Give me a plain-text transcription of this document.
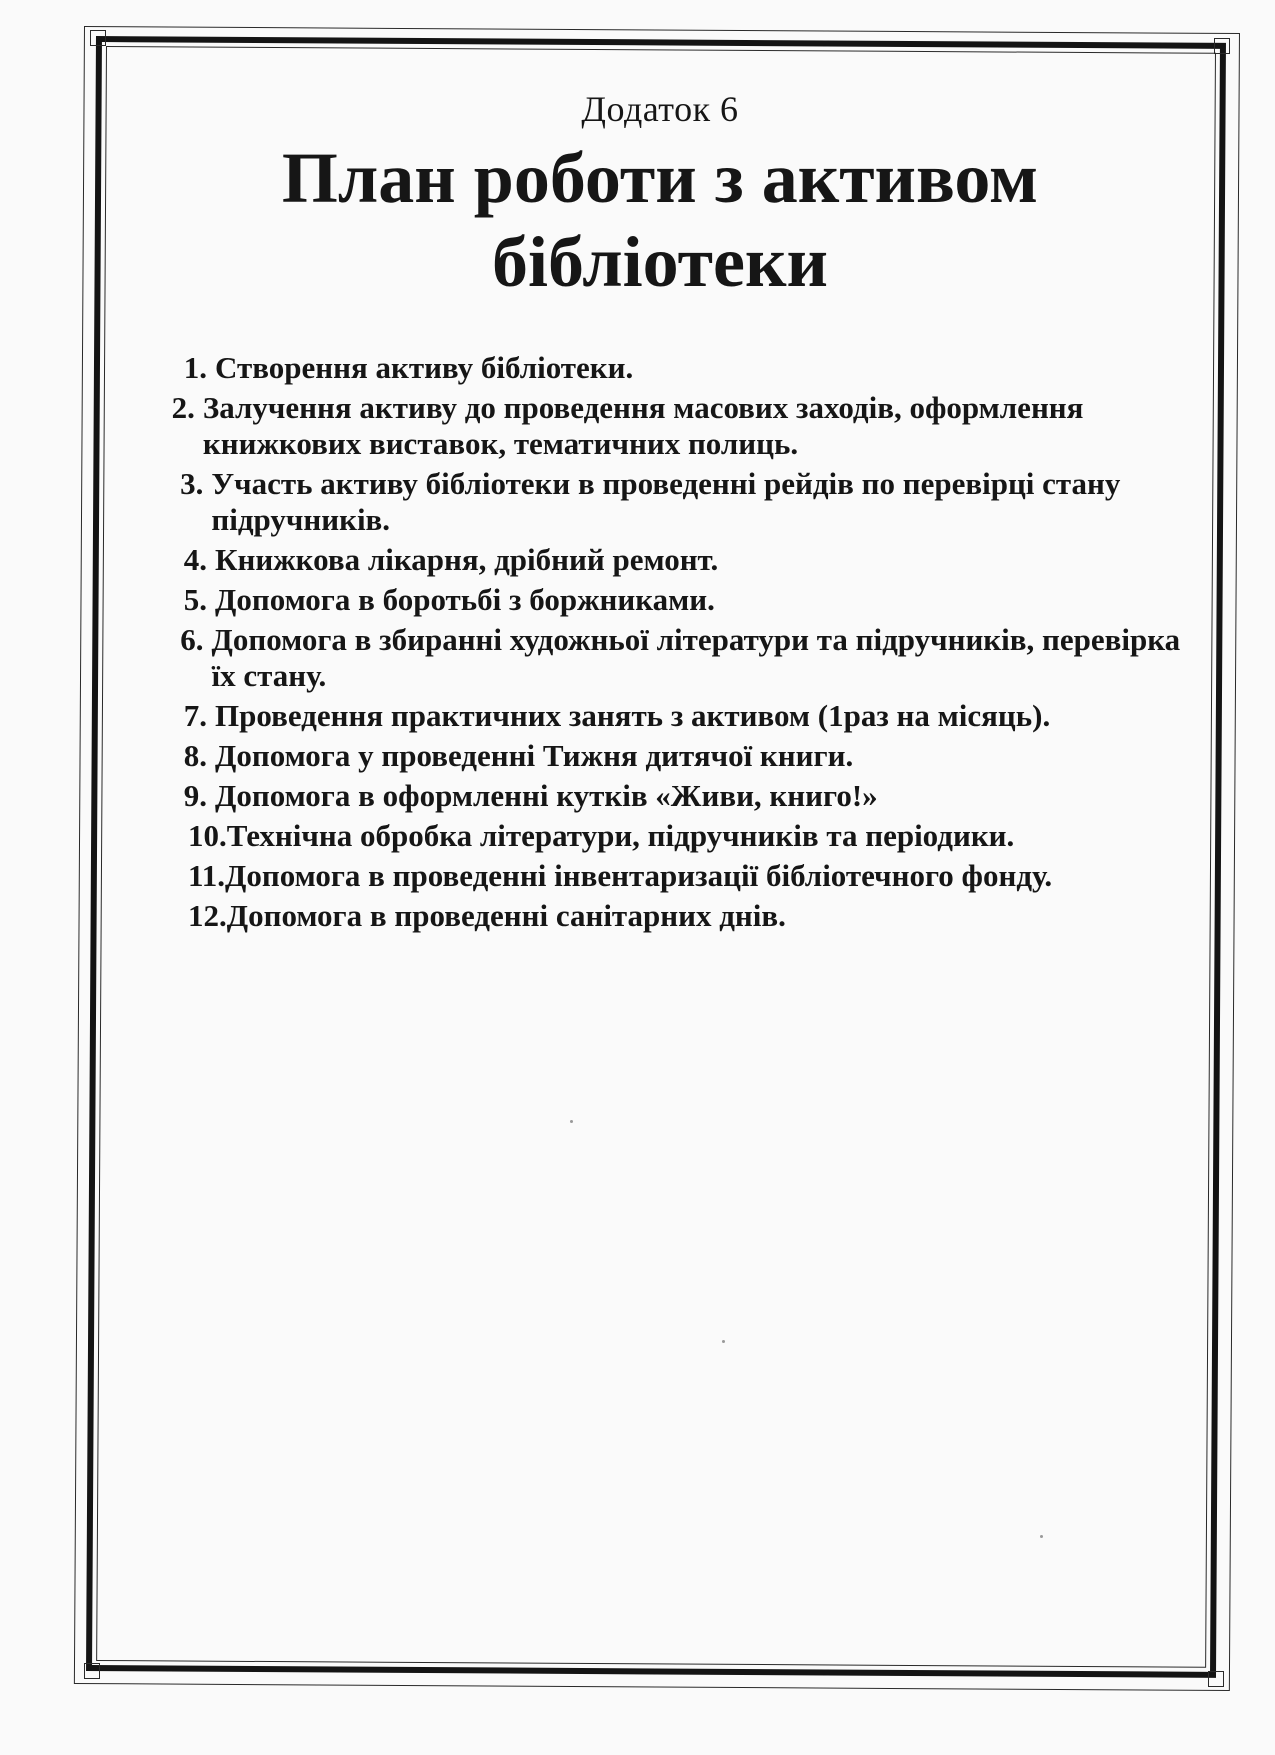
Додаток 6
План роботи з активом
бібліотеки
1. Створення активу бібліотеки.
2. Залучення активу до проведення масових заходів, оформлення книжкових виставок, тематичних полиць.
3. Участь активу бібліотеки в проведенні рейдів по перевірці стану підручників.
4. Книжкова лікарня, дрібний ремонт.
5. Допомога в боротьбі з боржниками.
6. Допомога в збиранні художньої літератури та підручників, перевірка їх стану.
7. Проведення практичних занять з активом (1раз на місяць).
8. Допомога у проведенні Тижня дитячої книги.
9. Допомога в оформленні кутків «Живи, книго!»
10.Технічна обробка літератури, підручників та періодики.
11.Допомога в проведенні інвентаризації бібліотечного фонду.
12.Допомога в проведенні санітарних днів.
